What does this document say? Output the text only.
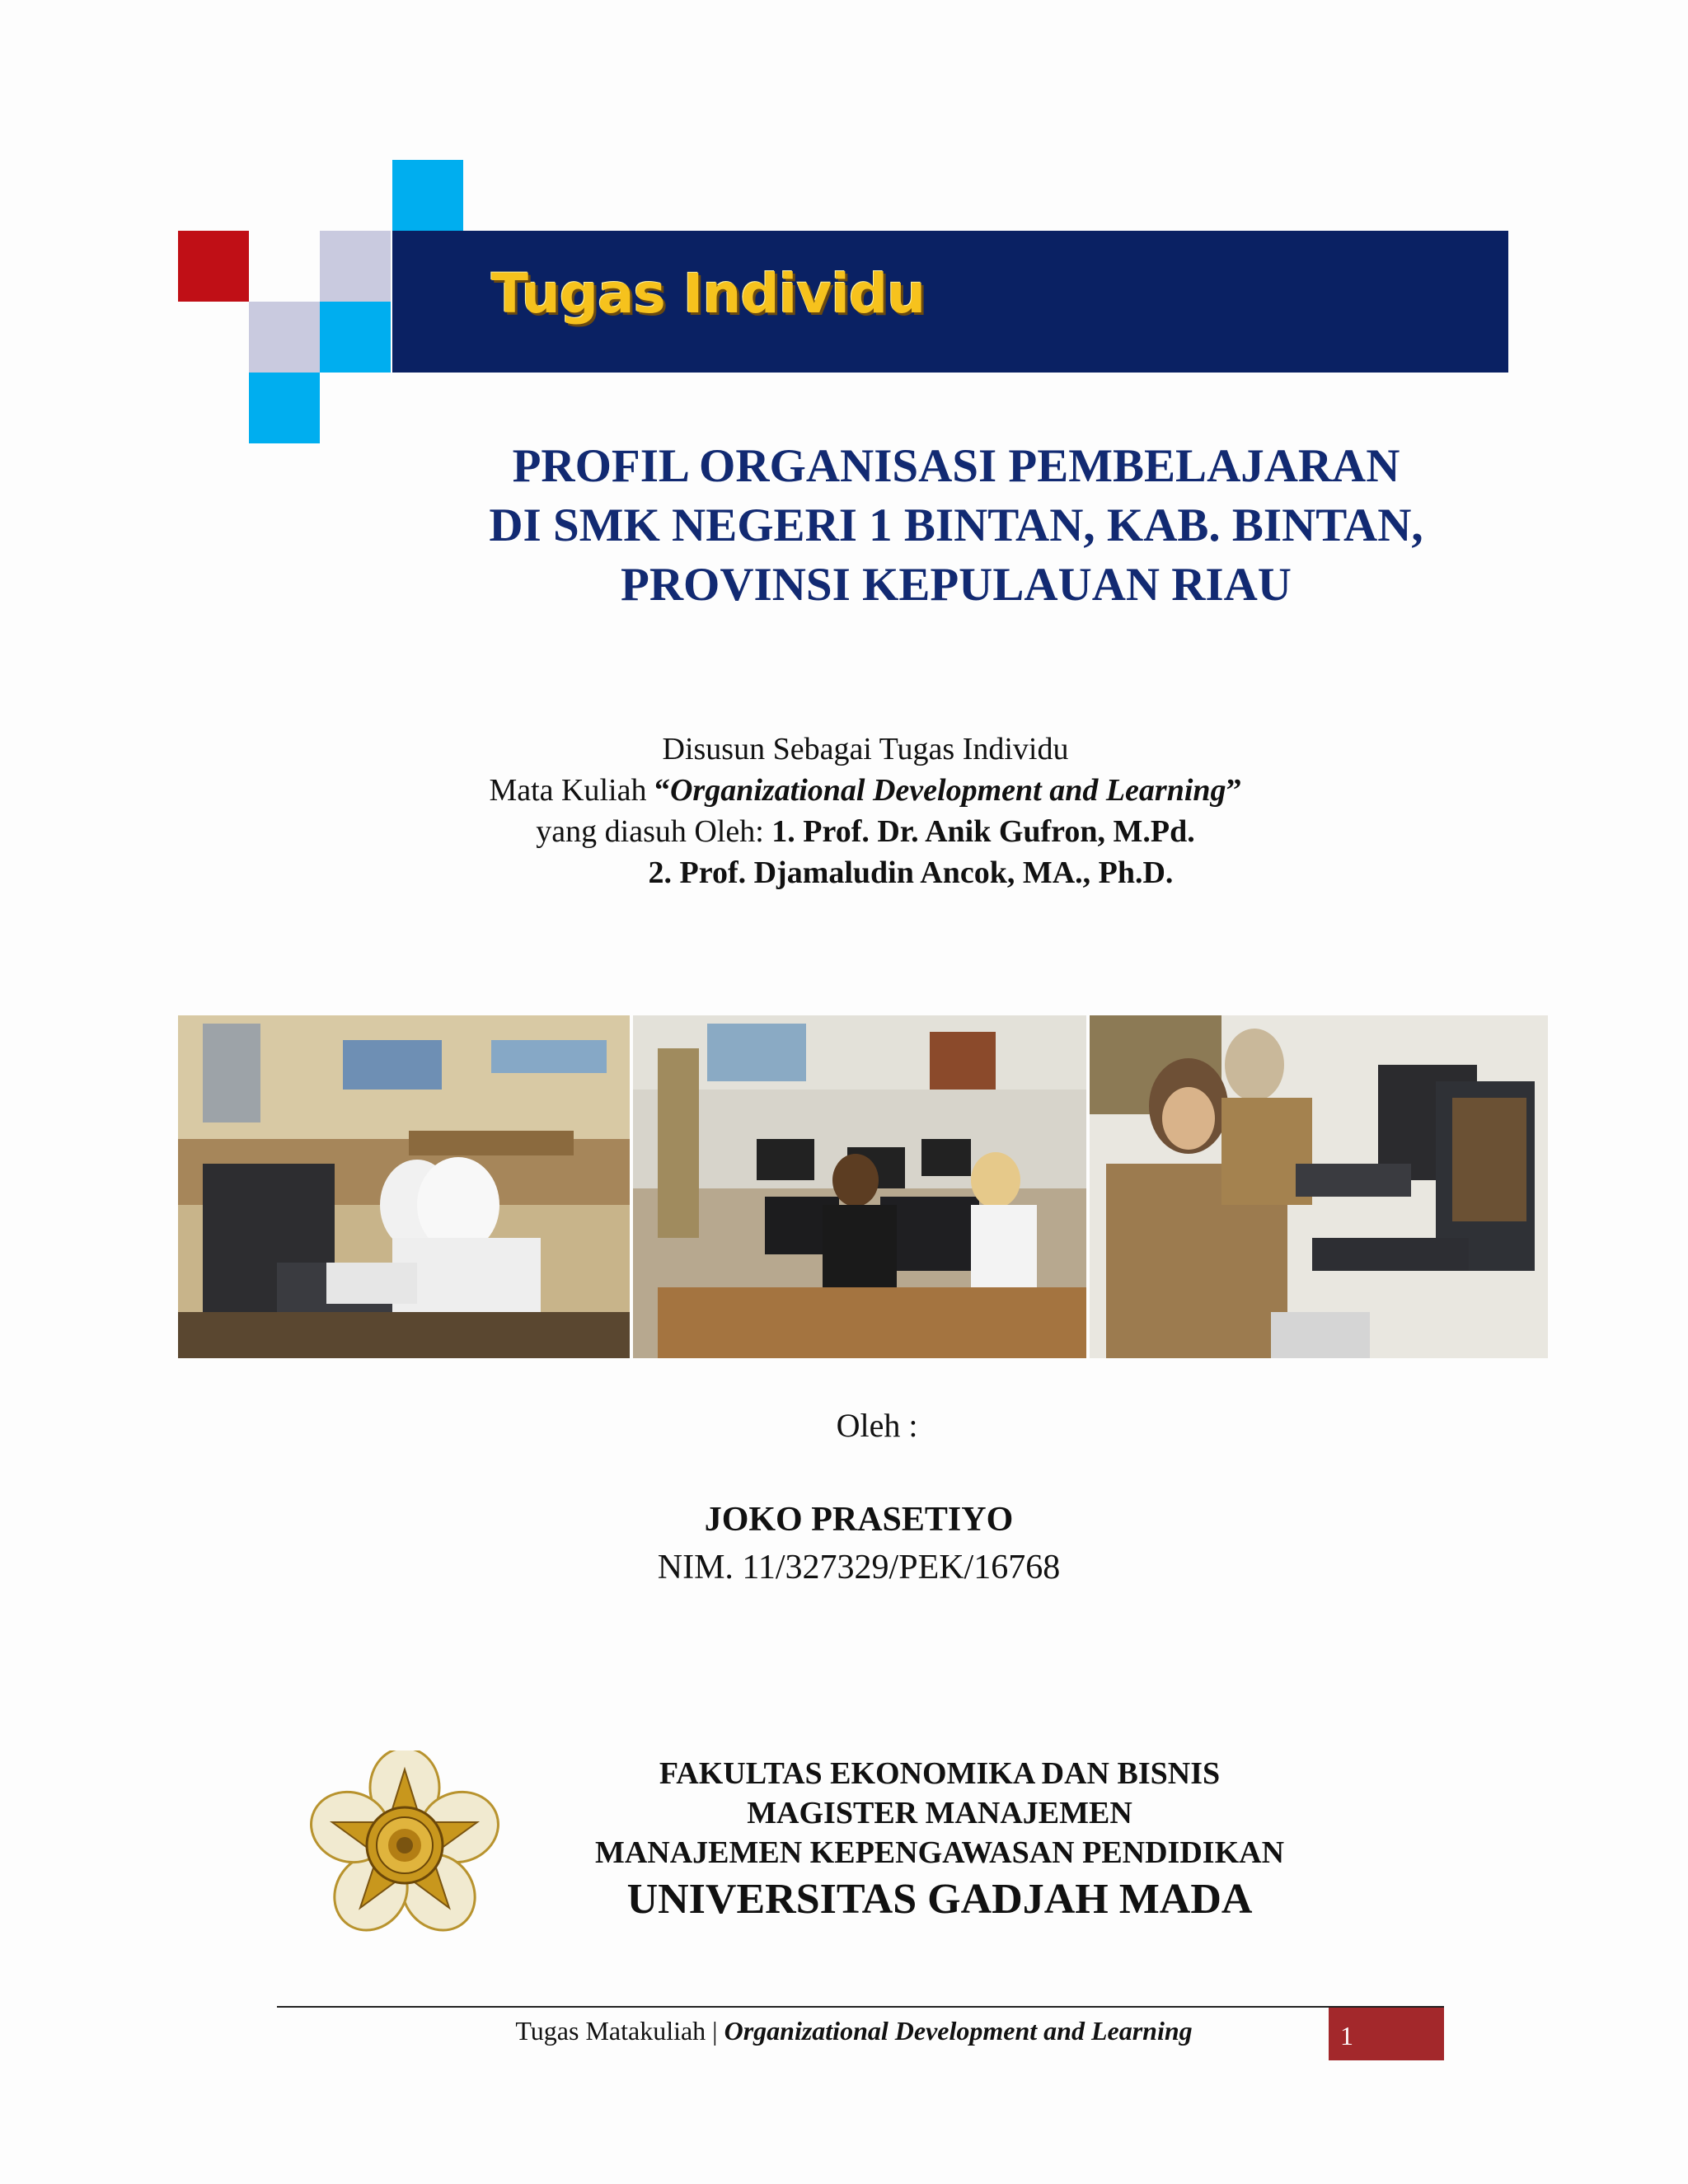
Tugas Individu
PROFIL ORGANISASI PEMBELAJARAN
DI SMK NEGERI 1 BINTAN, KAB. BINTAN,
PROVINSI KEPULAUAN RIAU
Disusun Sebagai Tugas Individu
Mata Kuliah “Organizational Development and Learning”
yang diasuh Oleh: 1. Prof. Dr. Anik Gufron, M.Pd.
2. Prof. Djamaludin Ancok, MA., Ph.D.
Oleh :
JOKO PRASETIYO
NIM. 11/327329/PEK/16768
FAKULTAS EKONOMIKA DAN BISNIS
MAGISTER MANAJEMEN
MANAJEMEN KEPENGAWASAN PENDIDIKAN
UNIVERSITAS GADJAH MADA
Tugas Matakuliah | Organizational Development and Learning	1
